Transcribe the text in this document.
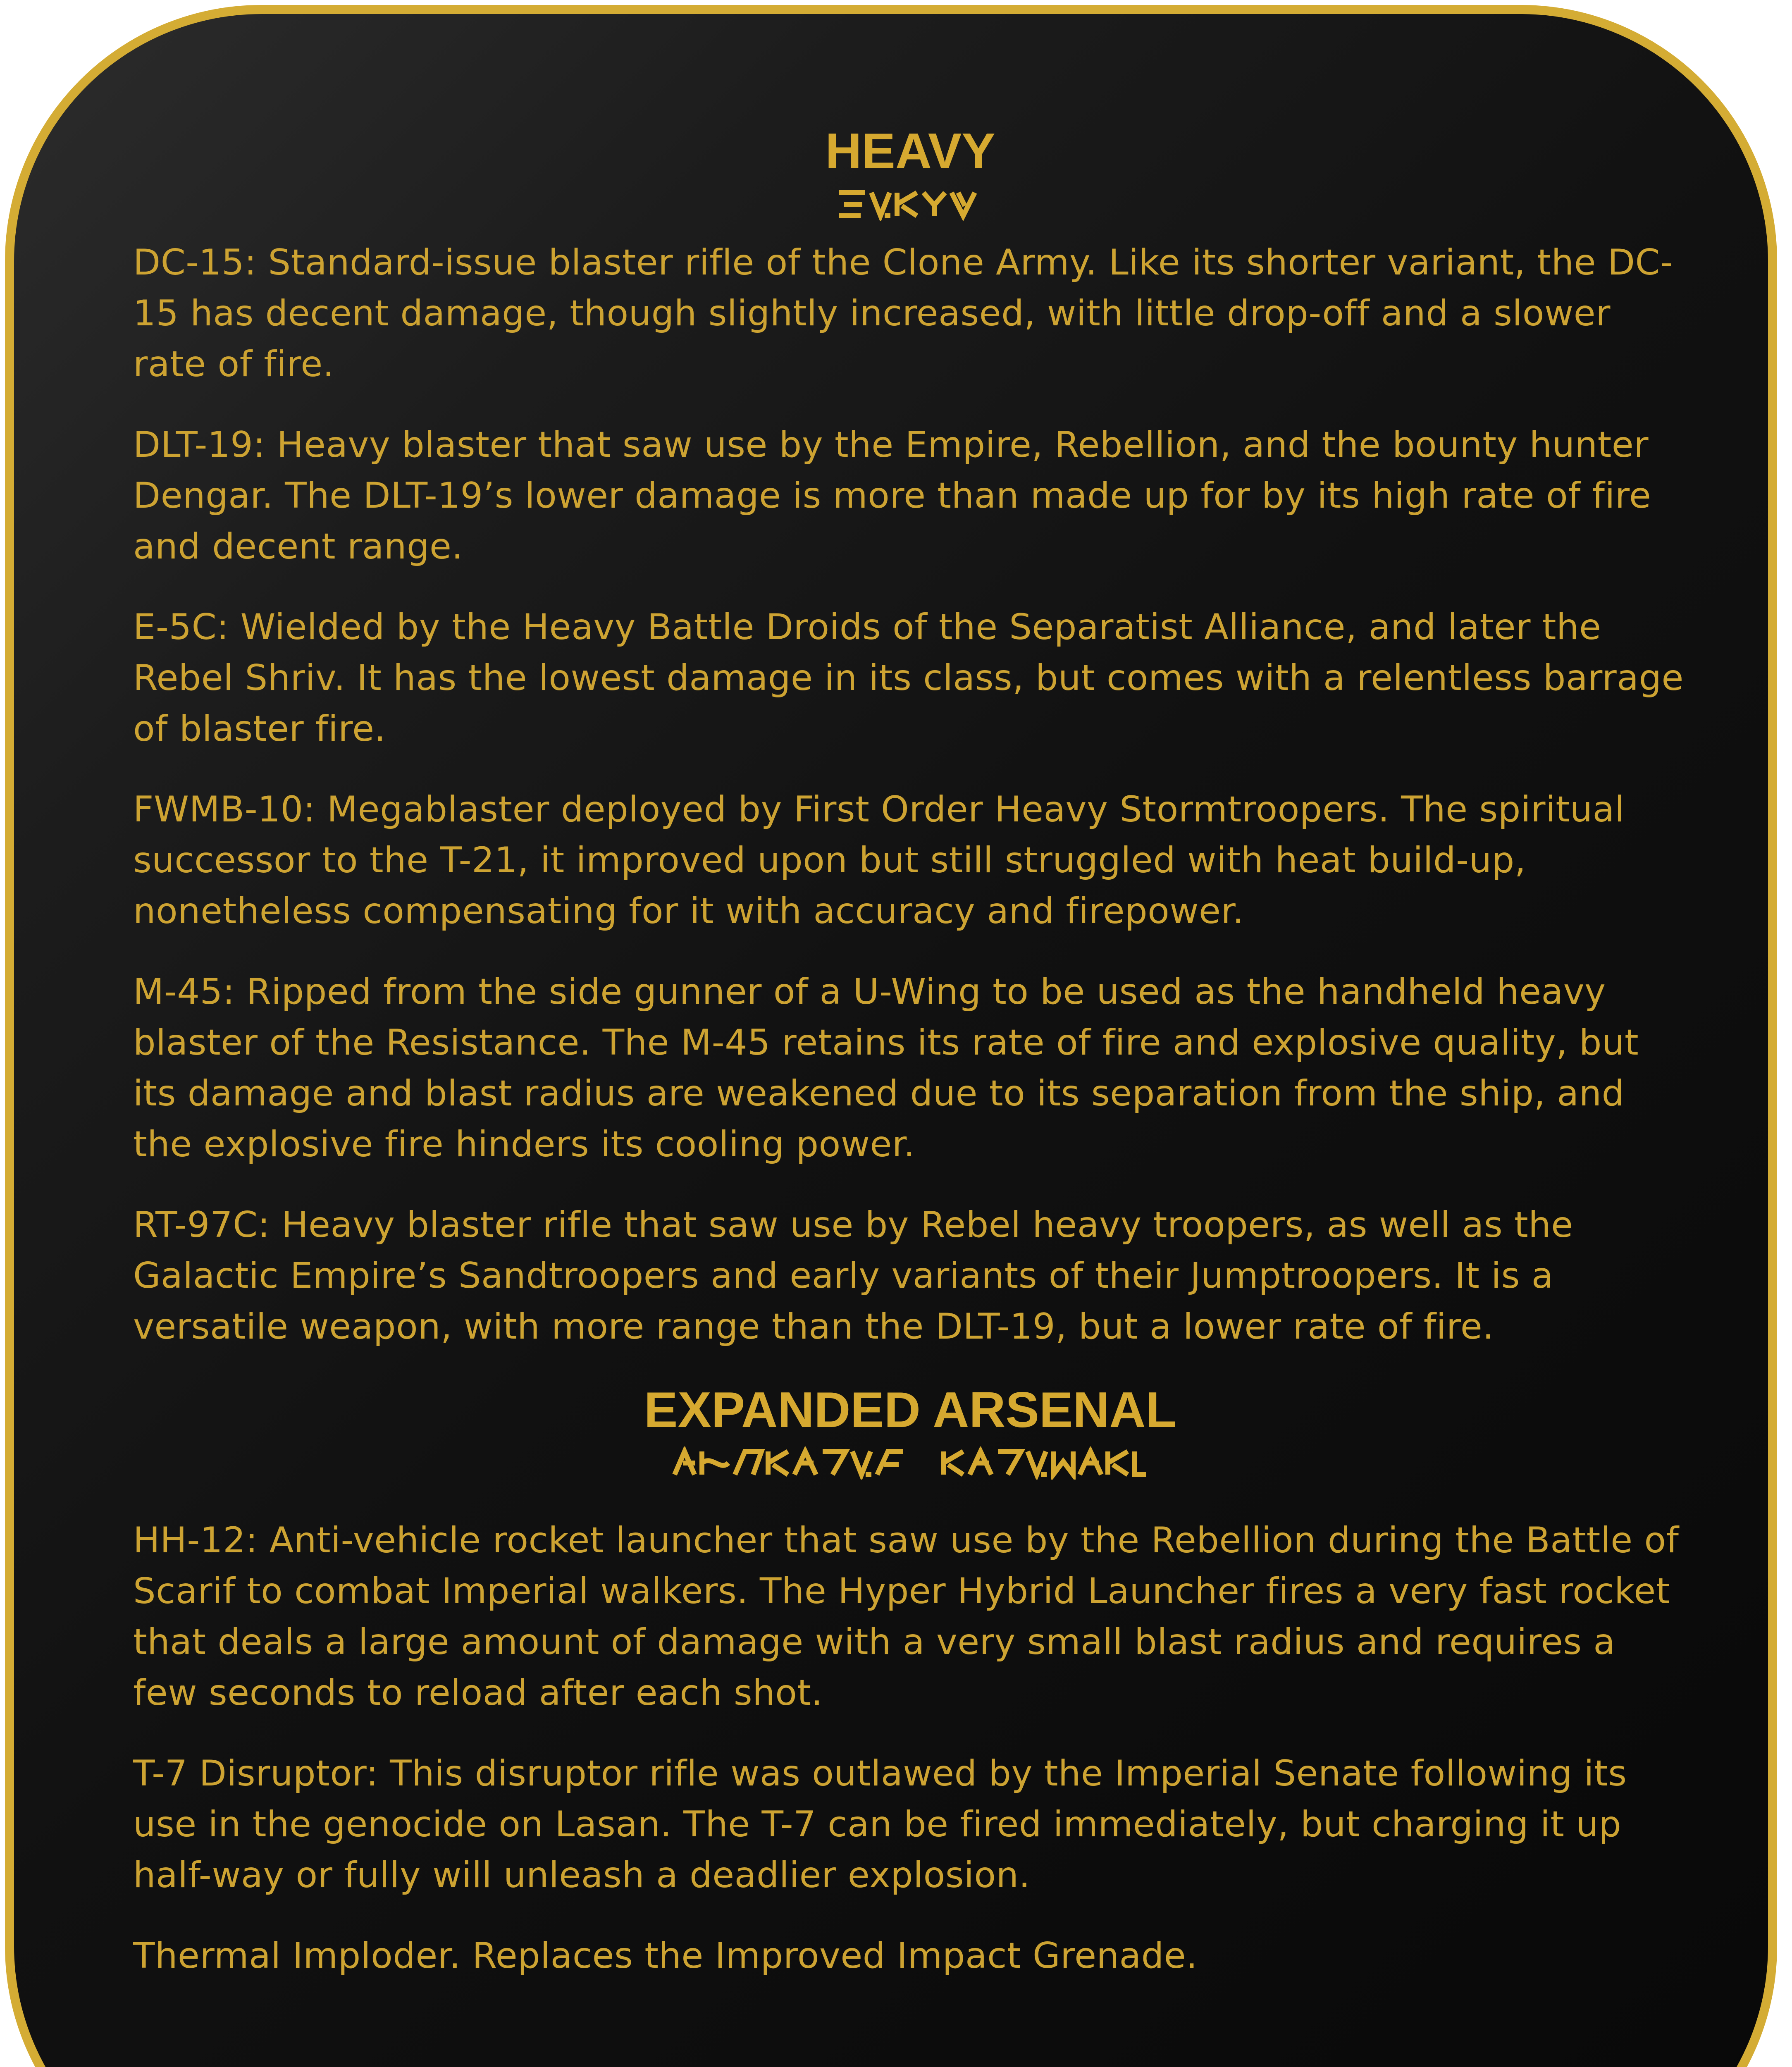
HEAVY

DC-15: Standard-issue blaster rifle of the Clone Army. Like its shorter variant, the DC-15 has decent damage, though slightly increased, with little drop-off and a slower rate of fire.

DLT-19: Heavy blaster that saw use by the Empire, Rebellion, and the bounty hunter Dengar. The DLT-19’s lower damage is more than made up for by its high rate of fire and decent range.

E-5C: Wielded by the Heavy Battle Droids of the Separatist Alliance, and later the Rebel Shriv. It has the lowest damage in its class, but comes with a relentless barrage of blaster fire.

FWMB-10: Megablaster deployed by First Order Heavy Stormtroopers. The spiritual successor to the T-21, it improved upon but still struggled with heat build-up, nonetheless compensating for it with accuracy and firepower.

M-45: Ripped from the side gunner of a U-Wing to be used as the handheld heavy blaster of the Resistance. The M-45 retains its rate of fire and explosive quality, but its damage and blast radius are weakened due to its separation from the ship, and the explosive fire hinders its cooling power.

RT-97C: Heavy blaster rifle that saw use by Rebel heavy troopers, as well as the Galactic Empire’s Sandtroopers and early variants of their Jumptroopers. It is a versatile weapon, with more range than the DLT-19, but a lower rate of fire.

EXPANDED ARSENAL

HH-12: Anti-vehicle rocket launcher that saw use by the Rebellion during the Battle of Scarif to combat Imperial walkers. The Hyper Hybrid Launcher fires a very fast rocket that deals a large amount of damage with a very small blast radius and requires a few seconds to reload after each shot.

T-7 Disruptor: This disruptor rifle was outlawed by the Imperial Senate following its use in the genocide on Lasan. The T-7 can be fired immediately, but charging it up half-way or fully will unleash a deadlier explosion.

Thermal Imploder. Replaces the Improved Impact Grenade.
